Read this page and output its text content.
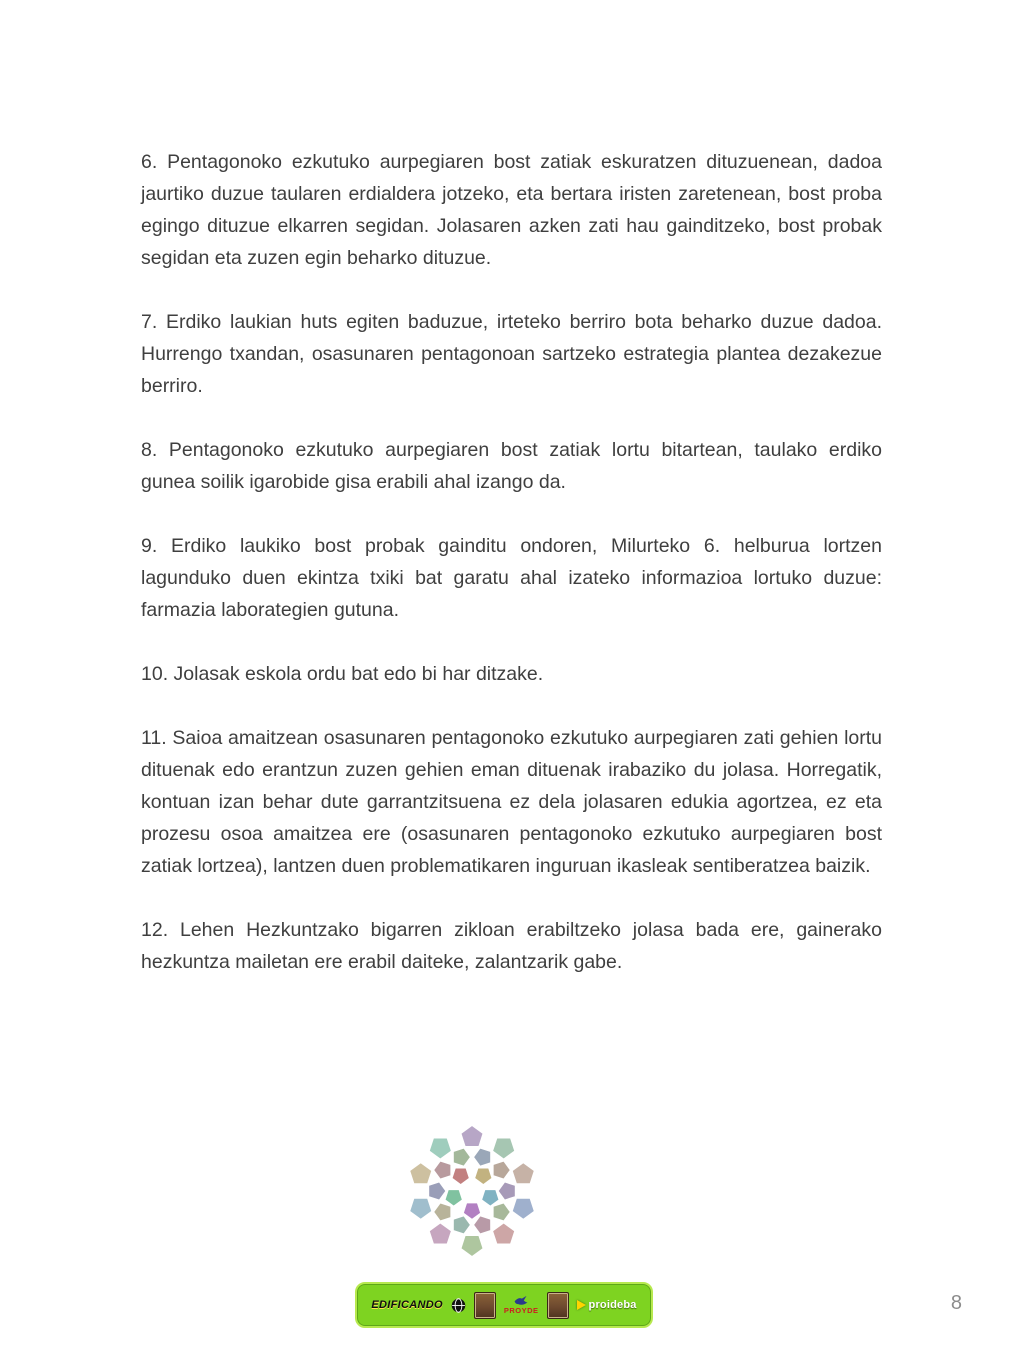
6. Pentagonoko ezkutuko aurpegiaren bost zatiak eskuratzen dituzuenean, dadoa jaurtiko duzue taularen erdialdera jotzeko, eta bertara iristen zaretenean, bost proba egingo dituzue elkarren segidan. Jolasaren azken zati hau gainditzeko, bost probak segidan eta zuzen egin beharko dituzue.

7. Erdiko laukian huts egiten baduzue, irteteko berriro bota beharko duzue dadoa. Hurrengo txandan, osasunaren pentagonoan sartzeko estrategia plantea dezakezue berriro.

8. Pentagonoko ezkutuko aurpegiaren bost zatiak lortu bitartean, taulako erdiko gunea soilik igarobide gisa erabili ahal izango da.

9. Erdiko laukiko bost probak gainditu ondoren, Milurteko 6. helburua lortzen lagunduko duen ekintza txiki bat garatu ahal izateko informazioa lortuko duzue: farmazia laborategien gutuna.

10. Jolasak eskola ordu bat edo bi har ditzake.

11. Saioa amaitzean osasunaren pentagonoko ezkutuko aurpegiaren zati gehien lortu dituenak edo erantzun zuzen gehien eman dituenak irabaziko du jolasa. Horregatik, kontuan izan behar dute garrantzitsuena ez dela jolasaren edukia agortzea, ez eta prozesu osoa amaitzea ere (osasunaren pentagonoko ezkutuko aurpegiaren bost zatiak lortzea), lantzen duen problematikaren inguruan ikasleak sentiberatzea baizik.

12. Lehen Hezkuntzako bigarren zikloan erabiltzeko jolasa bada ere, gainerako hezkuntza mailetan ere erabil daiteke, zalantzarik gabe.

EDIFICANDO	PROYDE	proideba	8
